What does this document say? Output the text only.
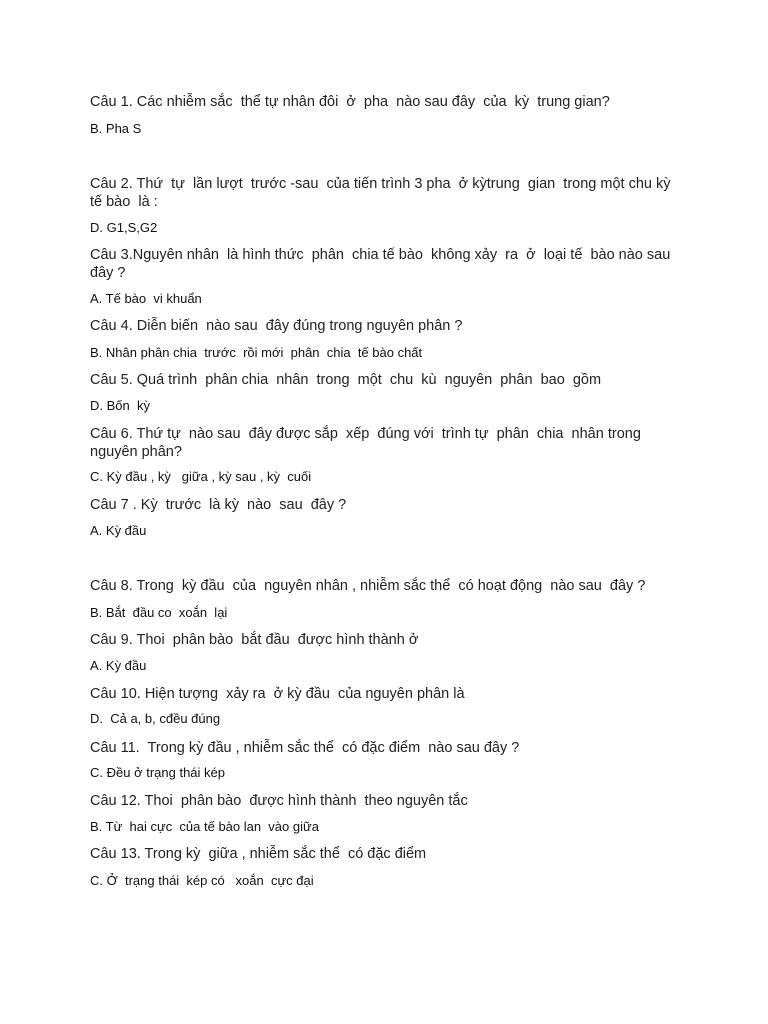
Câu 1. Các nhiễm sắc  thể tự nhân đôi  ở  pha  nào sau đây  của  kỳ  trung gian?
B. Pha S
Câu 2. Thứ  tự  lần lượt  trước -sau  của tiến trình 3 pha  ở kỳtrung  gian  trong một chu kỳ  tế bào  là :
D. G1,S,G2
Câu 3.Nguyên nhân  là hình thức  phân  chia tế bào  không xảy  ra  ở  loại tế  bào nào sau đây ?
A. Tế bào  vi khuẩn
Câu 4. Diễn biến  nào sau  đây đúng trong nguyên phân ?
B. Nhân phân chia  trước  rồi mới  phân  chia  tế bào chất
Câu 5. Quá trình  phân chia  nhân  trong  một  chu  kù  nguyên  phân  bao  gồm
D. Bốn  kỳ
Câu 6. Thứ tự  nào sau  đây được sắp  xếp  đúng với  trình tự  phân  chia  nhân trong nguyên phân?
C. Kỳ đầu , kỳ   giữa , kỳ sau , kỳ  cuối
Câu 7 . Kỳ  trước  là kỳ  nào  sau  đây ?
A. Kỳ đầu
Câu 8. Trong  kỳ đầu  của  nguyên nhân , nhiễm sắc thể  có hoạt động  nào sau  đây ?
B. Bắt  đầu co  xoắn  lại
Câu 9. Thoi  phân bào  bắt đầu  được hình thành ở
A. Kỳ đầu
Câu 10. Hiện tượng  xảy ra  ở kỳ đầu  của nguyên phân là
D.  Cả a, b, cđều đúng
Câu 11.  Trong kỳ đầu , nhiễm sắc thể  có đặc điểm  nào sau đây ?
C. Đều ở trạng thái kép
Câu 12. Thoi  phân bào  được hình thành  theo nguyên tắc
B. Từ  hai cực  của tế bào lan  vào giữa
Câu 13. Trong kỳ  giữa , nhiễm sắc thể  có đặc điểm
C. Ở  trạng thái  kép có   xoắn  cực đại
